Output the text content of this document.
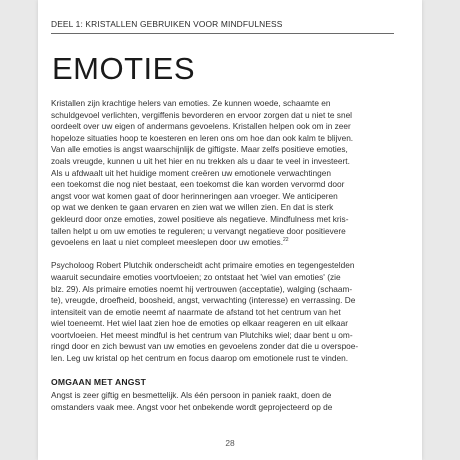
DEEL 1: KRISTALLEN GEBRUIKEN VOOR MINDFULNESS
EMOTIES

Kristallen zijn krachtige helers van emoties. Ze kunnen woede, schaamte en
schuldgevoel verlichten, vergiffenis bevorderen en ervoor zorgen dat u niet te snel
oordeelt over uw eigen of andermans gevoelens. Kristallen helpen ook om in zeer
hopeloze situaties hoop te koesteren en leren ons om hoe dan ook kalm te blijven.
Van alle emoties is angst waarschijnlijk de giftigste. Maar zelfs positieve emoties,
zoals vreugde, kunnen u uit het hier en nu trekken als u daar te veel in investeert.
Als u afdwaalt uit het huidige moment creëren uw emotionele verwachtingen
een toekomst die nog niet bestaat, een toekomst die kan worden vervormd door
angst voor wat komen gaat of door herinneringen aan vroeger. We anticiperen
op wat we denken te gaan ervaren en zien wat we willen zien. En dat is sterk
gekleurd door onze emoties, zowel positieve als negatieve. Mindfulness met kris-
tallen helpt u om uw emoties te reguleren; u vervangt negatieve door positievere
gevoelens en laat u niet compleet meeslepen door uw emoties.$^{22}$

Psycholoog Robert Plutchik onderscheidt acht primaire emoties en tegengestelden
waaruit secundaire emoties voortvloeien; zo ontstaat het 'wiel van emoties' (zie
blz. 29). Als primaire emoties noemt hij vertrouwen (acceptatie), walging (schaam-
te), vreugde, droefheid, boosheid, angst, verwachting (interesse) en verrassing. De
intensiteit van de emotie neemt af naarmate de afstand tot het centrum van het
wiel toeneemt. Het wiel laat zien hoe de emoties op elkaar reageren en uit elkaar
voortvloeien. Het meest mindful is het centrum van Plutchiks wiel; daar bent u om-
ringd door en zich bewust van uw emoties en gevoelens zonder dat die u overspoe-
len. Leg uw kristal op het centrum en focus daarop om emotionele rust te vinden.

OMGAAN MET ANGST

Angst is zeer giftig en besmettelijk. Als één persoon in paniek raakt, doen de
omstanders vaak mee. Angst voor het onbekende wordt geprojecteerd op de

28
